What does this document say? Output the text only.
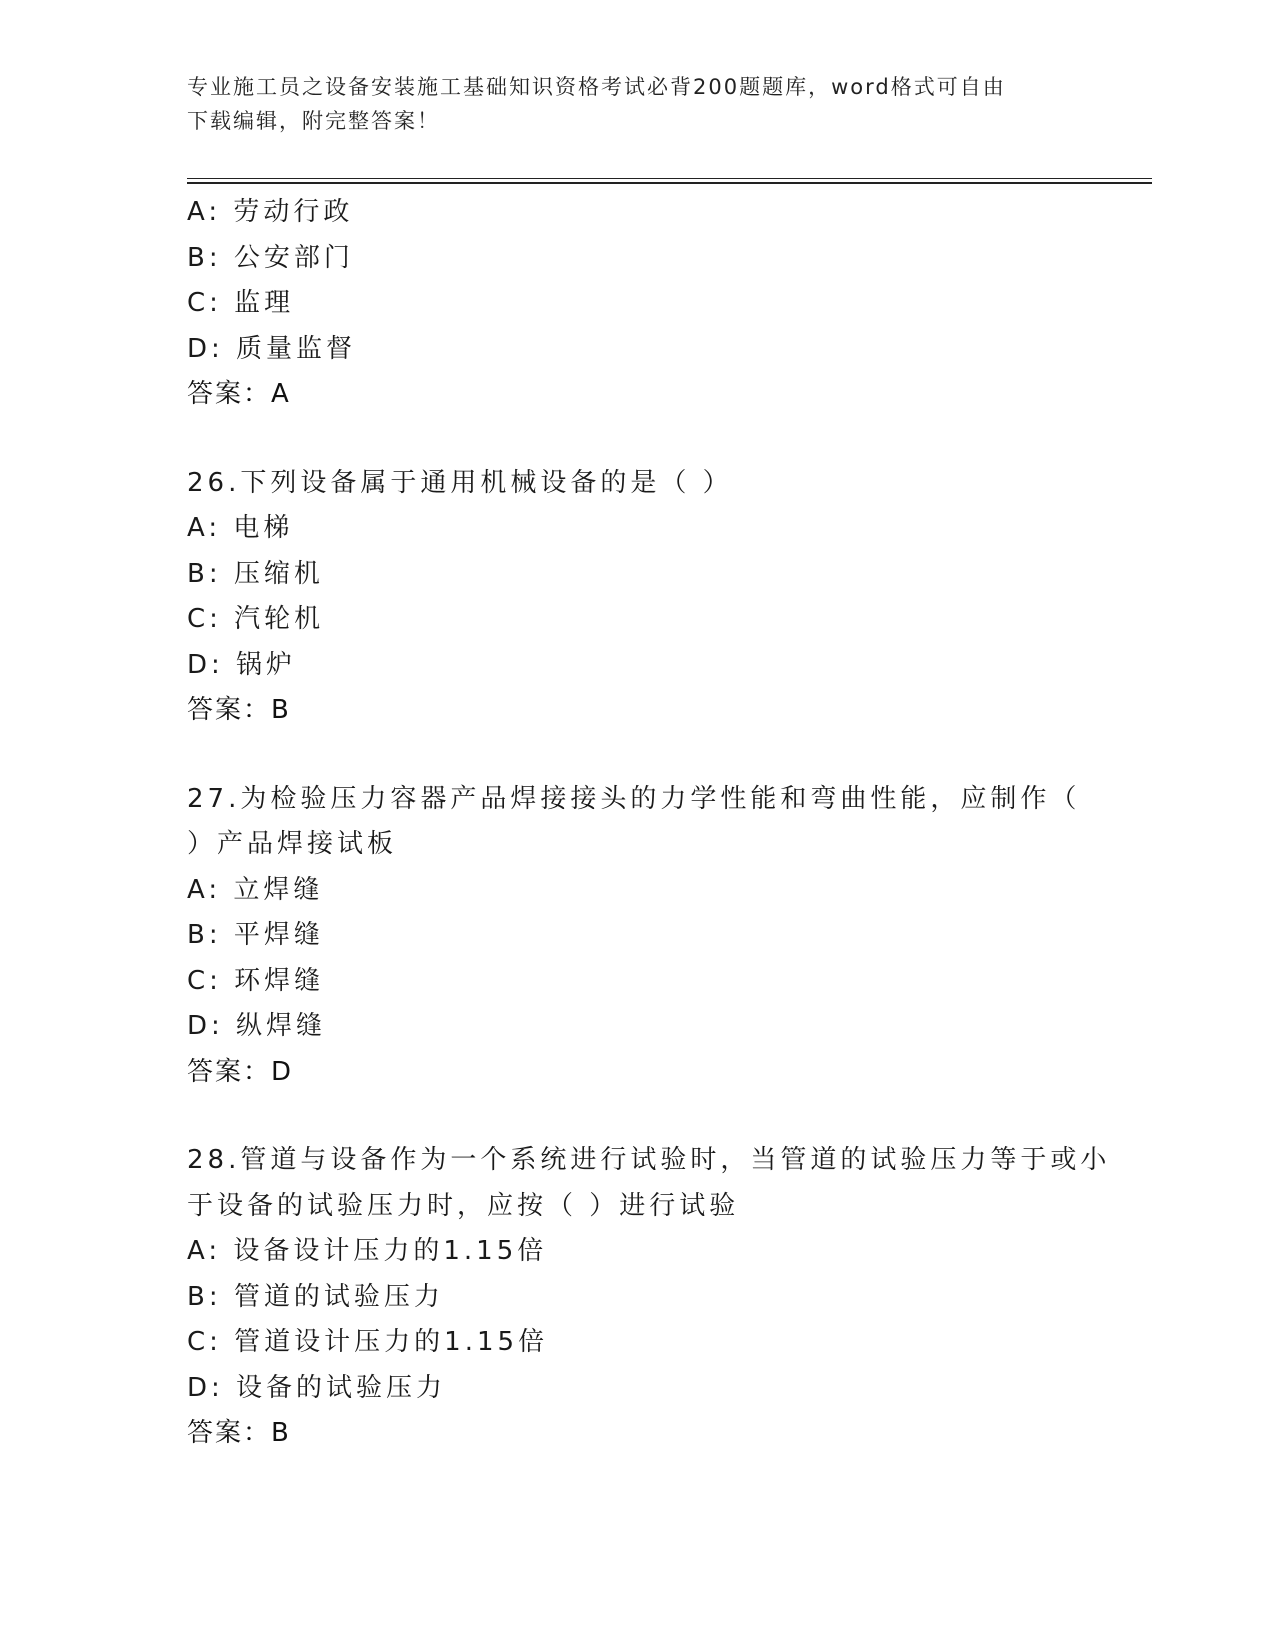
专业施工员之设备安装施工基础知识资格考试必背200题题库，word格式可自由
下载编辑，附完整答案！
A: 劳动行政
B: 公安部门
C: 监理
D: 质量监督
答案：A
26.下列设备属于通用机械设备的是（ ）
A: 电梯
B: 压缩机
C: 汽轮机
D: 锅炉
答案：B
27.为检验压力容器产品焊接接头的力学性能和弯曲性能，应制作（
）产品焊接试板
A: 立焊缝
B: 平焊缝
C: 环焊缝
D: 纵焊缝
答案：D
28.管道与设备作为一个系统进行试验时，当管道的试验压力等于或小
于设备的试验压力时，应按（ ）进行试验
A: 设备设计压力的1.15倍
B: 管道的试验压力
C: 管道设计压力的1.15倍
D: 设备的试验压力
答案：B
